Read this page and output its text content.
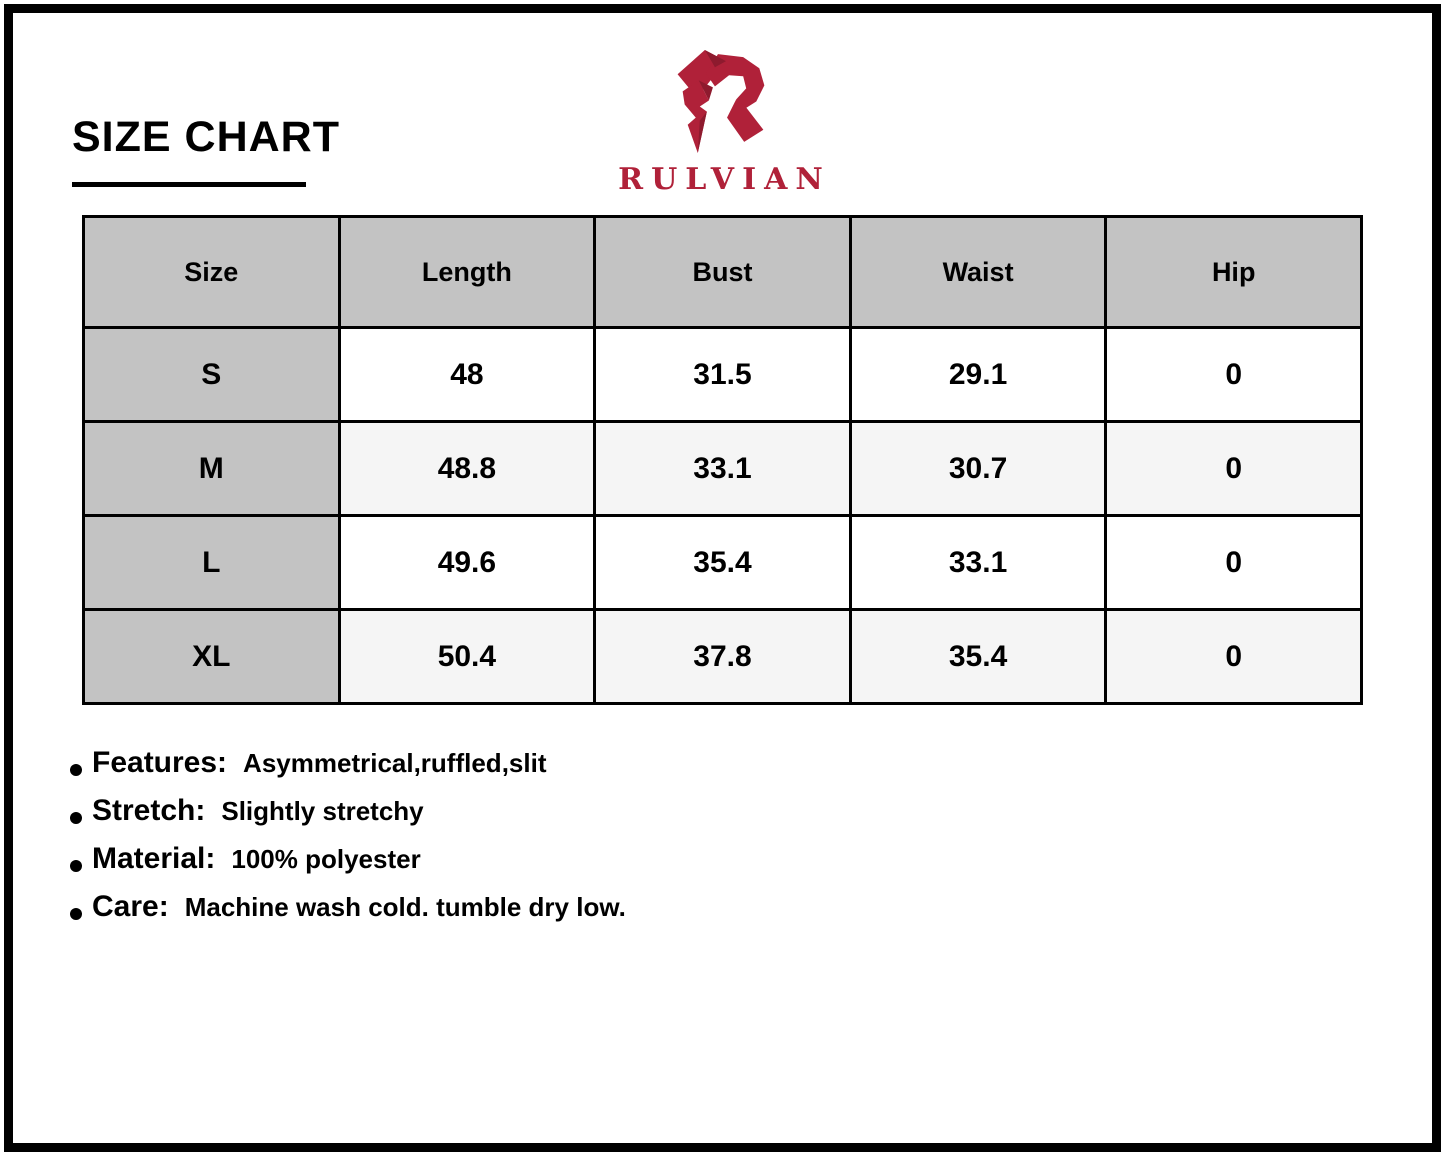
SIZE CHART
RULVIAN
Size	Length	Bust	Waist	Hip
S	48	31.5	29.1	0
M	48.8	33.1	30.7	0
L	49.6	35.4	33.1	0
XL	50.4	37.8	35.4	0
Features: Asymmetrical,ruffled,slit
Stretch: Slightly stretchy
Material: 100% polyester
Care: Machine wash cold. tumble dry low.
